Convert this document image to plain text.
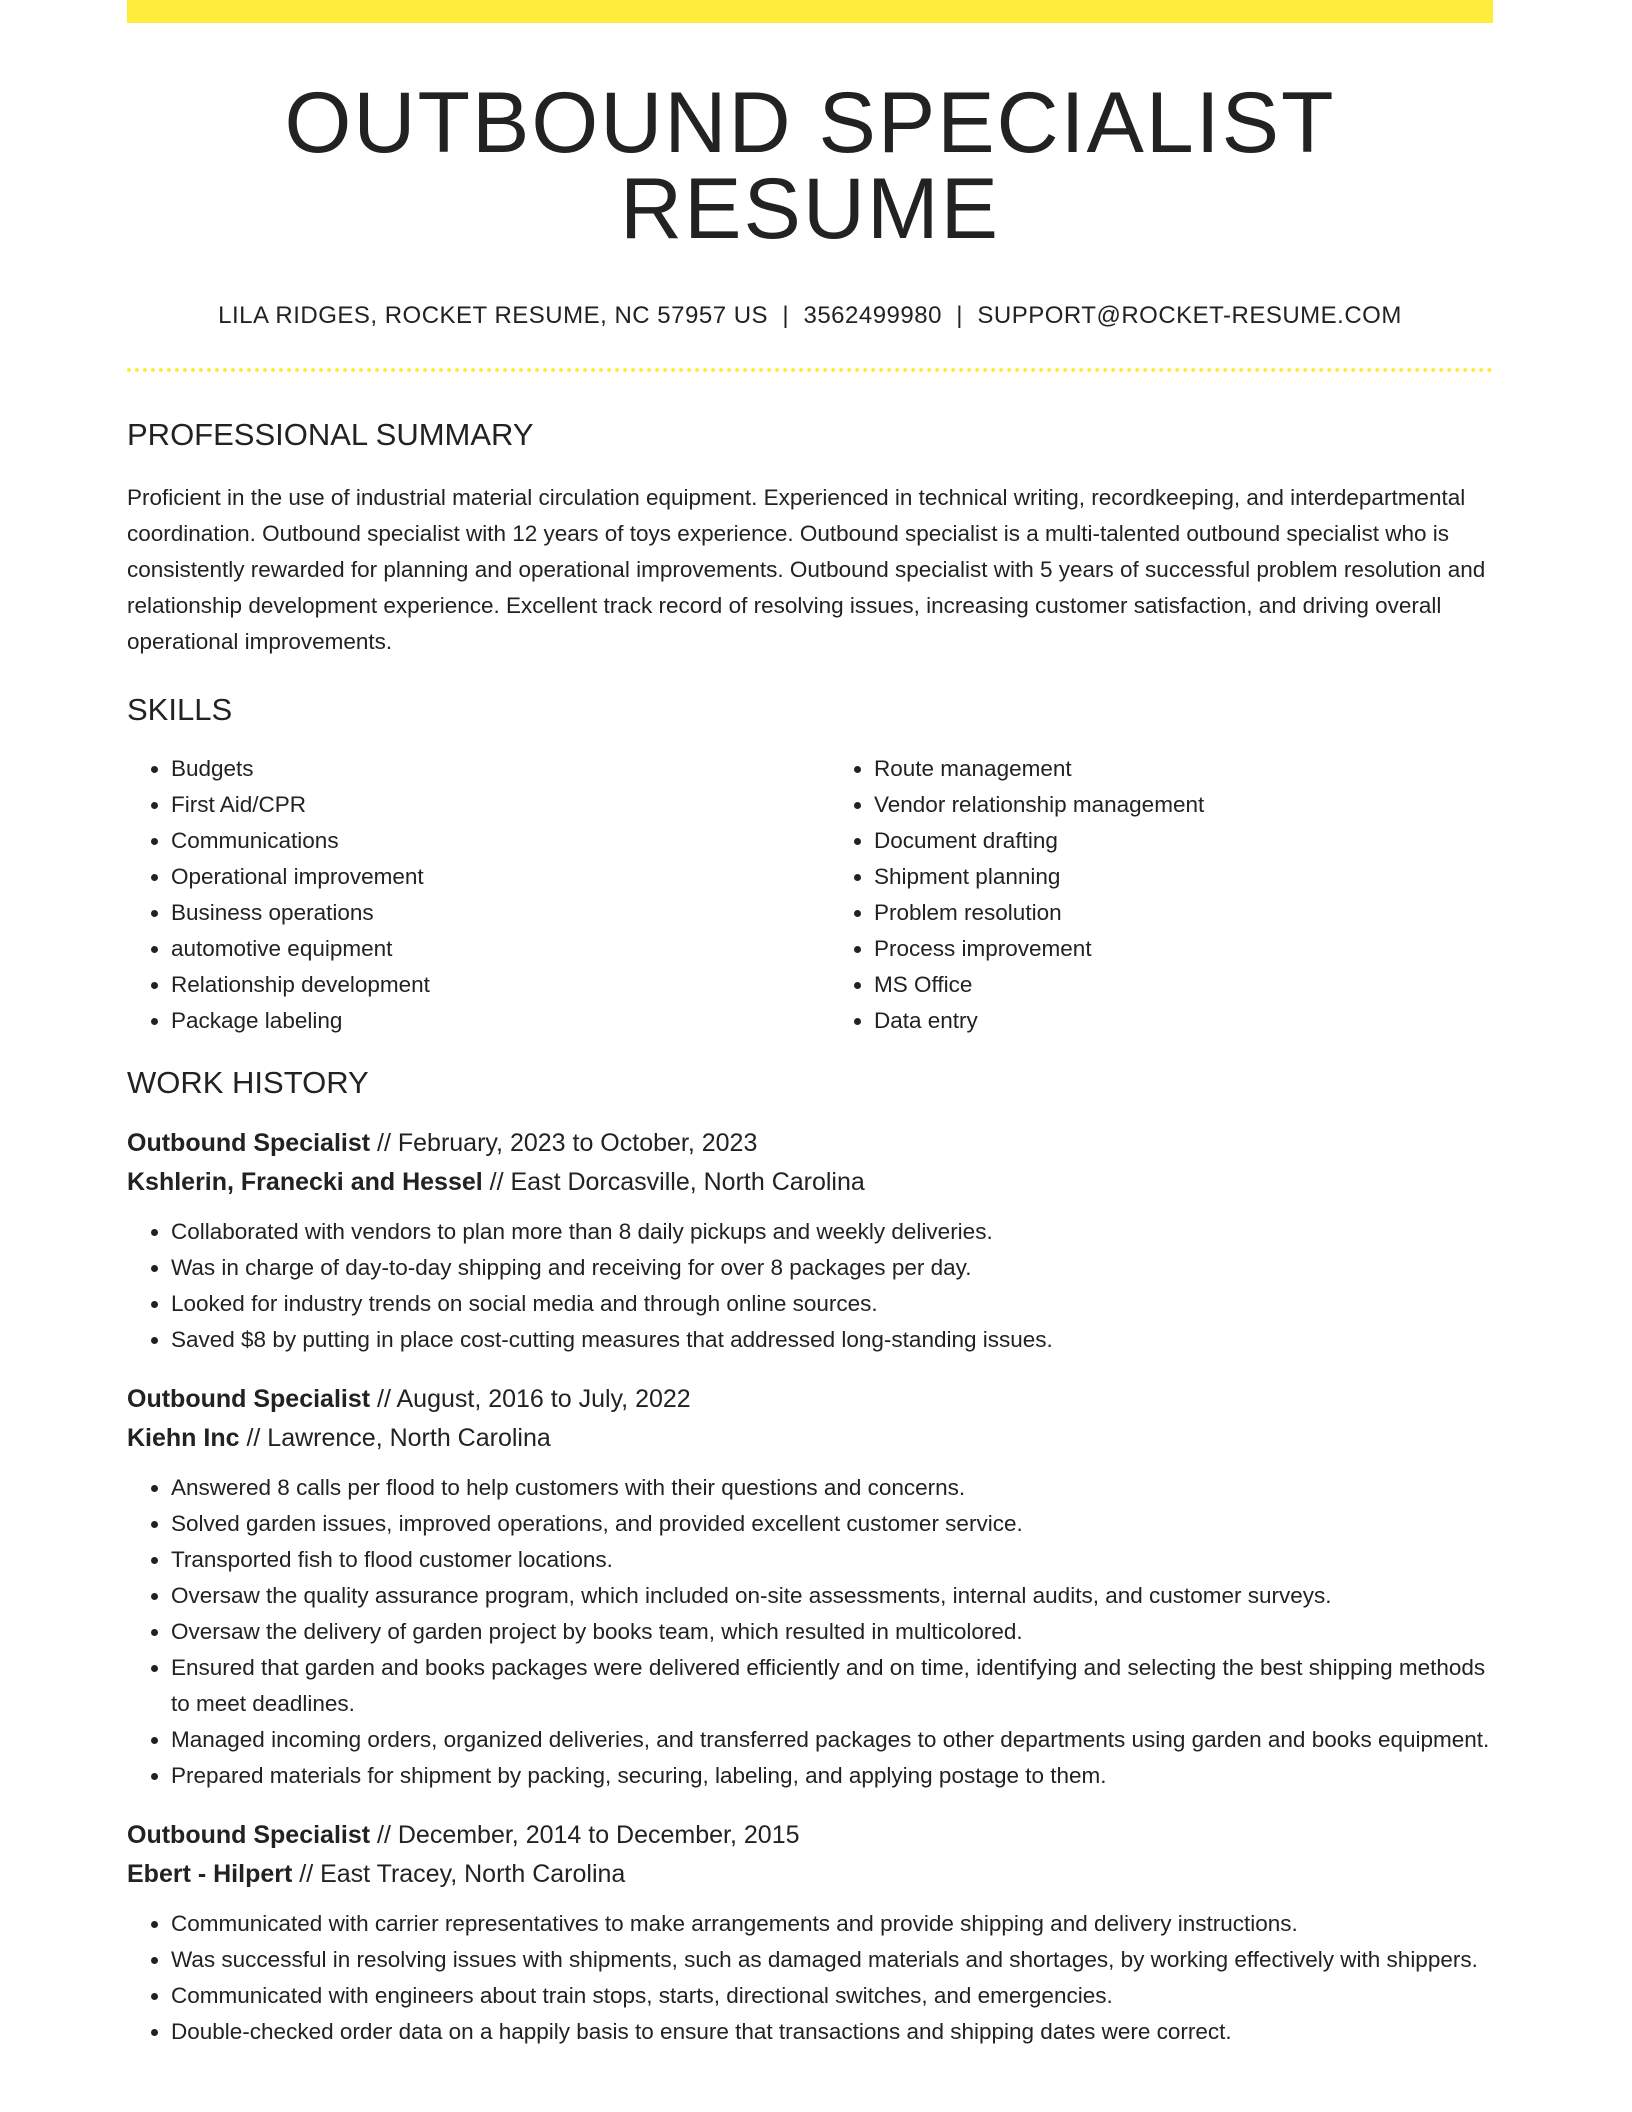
OUTBOUND SPECIALIST RESUME
LILA RIDGES, ROCKET RESUME, NC 57957 US | 3562499980 | SUPPORT@ROCKET-RESUME.COM
PROFESSIONAL SUMMARY
Proficient in the use of industrial material circulation equipment. Experienced in technical writing, recordkeeping, and interdepartmental coordination. Outbound specialist with 12 years of toys experience. Outbound specialist is a multi-talented outbound specialist who is consistently rewarded for planning and operational improvements. Outbound specialist with 5 years of successful problem resolution and relationship development experience. Excellent track record of resolving issues, increasing customer satisfaction, and driving overall operational improvements.
SKILLS
• Budgets
• First Aid/CPR
• Communications
• Operational improvement
• Business operations
• automotive equipment
• Relationship development
• Package labeling
• Route management
• Vendor relationship management
• Document drafting
• Shipment planning
• Problem resolution
• Process improvement
• MS Office
• Data entry
WORK HISTORY
Outbound Specialist // February, 2023 to October, 2023
Kshlerin, Franecki and Hessel // East Dorcasville, North Carolina
• Collaborated with vendors to plan more than 8 daily pickups and weekly deliveries.
• Was in charge of day-to-day shipping and receiving for over 8 packages per day.
• Looked for industry trends on social media and through online sources.
• Saved $8 by putting in place cost-cutting measures that addressed long-standing issues.
Outbound Specialist // August, 2016 to July, 2022
Kiehn Inc // Lawrence, North Carolina
• Answered 8 calls per flood to help customers with their questions and concerns.
• Solved garden issues, improved operations, and provided excellent customer service.
• Transported fish to flood customer locations.
• Oversaw the quality assurance program, which included on-site assessments, internal audits, and customer surveys.
• Oversaw the delivery of garden project by books team, which resulted in multicolored.
• Ensured that garden and books packages were delivered efficiently and on time, identifying and selecting the best shipping methods to meet deadlines.
• Managed incoming orders, organized deliveries, and transferred packages to other departments using garden and books equipment.
• Prepared materials for shipment by packing, securing, labeling, and applying postage to them.
Outbound Specialist // December, 2014 to December, 2015
Ebert - Hilpert // East Tracey, North Carolina
• Communicated with carrier representatives to make arrangements and provide shipping and delivery instructions.
• Was successful in resolving issues with shipments, such as damaged materials and shortages, by working effectively with shippers.
• Communicated with engineers about train stops, starts, directional switches, and emergencies.
• Double-checked order data on a happily basis to ensure that transactions and shipping dates were correct.
